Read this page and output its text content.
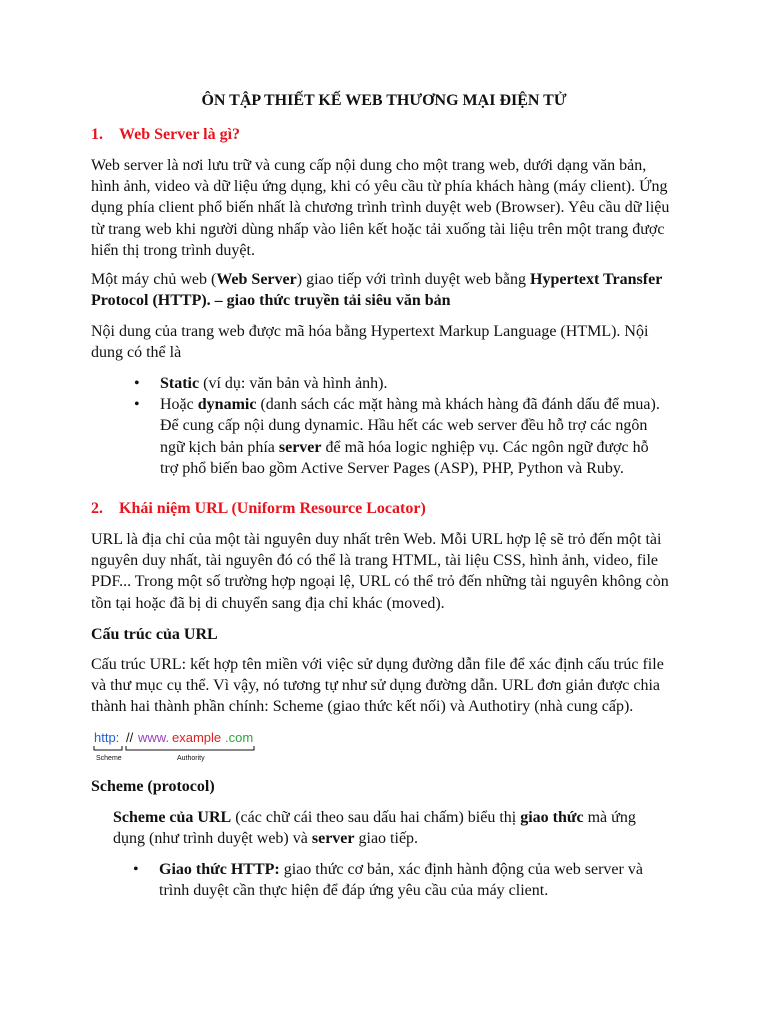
ÔN TẬP THIẾT KẾ WEB THƯƠNG MẠI ĐIỆN TỬ
1. Web Server là gì?
Web server là nơi lưu trữ và cung cấp nội dung cho một trang web, dưới dạng văn bản, hình ảnh, video và dữ liệu ứng dụng, khi có yêu cầu từ phía khách hàng (máy client). Ứng dụng phía client phổ biến nhất là chương trình trình duyệt web (Browser). Yêu cầu dữ liệu từ trang web khi người dùng nhấp vào liên kết hoặc tải xuống tài liệu trên một trang được hiển thị trong trình duyệt.
Một máy chủ web (Web Server) giao tiếp với trình duyệt web bằng Hypertext Transfer Protocol (HTTP). – giao thức truyền tải siêu văn bản
Nội dung của trang web được mã hóa bằng Hypertext Markup Language (HTML). Nội dung có thể là
• Static (ví dụ: văn bản và hình ảnh).
• Hoặc dynamic (danh sách các mặt hàng mà khách hàng đã đánh dấu để mua). Để cung cấp nội dung dynamic. Hầu hết các web server đều hỗ trợ các ngôn ngữ kịch bản phía server để mã hóa logic nghiệp vụ. Các ngôn ngữ được hỗ trợ phổ biến bao gồm Active Server Pages (ASP), PHP, Python và Ruby.
2. Khái niệm URL (Uniform Resource Locator)
URL là địa chỉ của một tài nguyên duy nhất trên Web. Mỗi URL hợp lệ sẽ trỏ đến một tài nguyên duy nhất, tài nguyên đó có thể là trang HTML, tài liệu CSS, hình ảnh, video, file PDF... Trong một số trường hợp ngoại lệ, URL có thể trỏ đến những tài nguyên không còn tồn tại hoặc đã bị di chuyển sang địa chỉ khác (moved).
Cấu trúc của URL
Cấu trúc URL: kết hợp tên miền với việc sử dụng đường dẫn file để xác định cấu trúc file và thư mục cụ thể. Vì vậy, nó tương tự như sử dụng đường dẫn. URL đơn giản được chia thành hai thành phần chính: Scheme (giao thức kết nối) và Authotiry (nhà cung cấp).
http: // www. example .com
Scheme	Authority
Scheme (protocol)
Scheme của URL (các chữ cái theo sau dấu hai chấm) biểu thị giao thức mà ứng dụng (như trình duyệt web) và server giao tiếp.
• Giao thức HTTP: giao thức cơ bản, xác định hành động của web server và trình duyệt cần thực hiện để đáp ứng yêu cầu của máy client.
